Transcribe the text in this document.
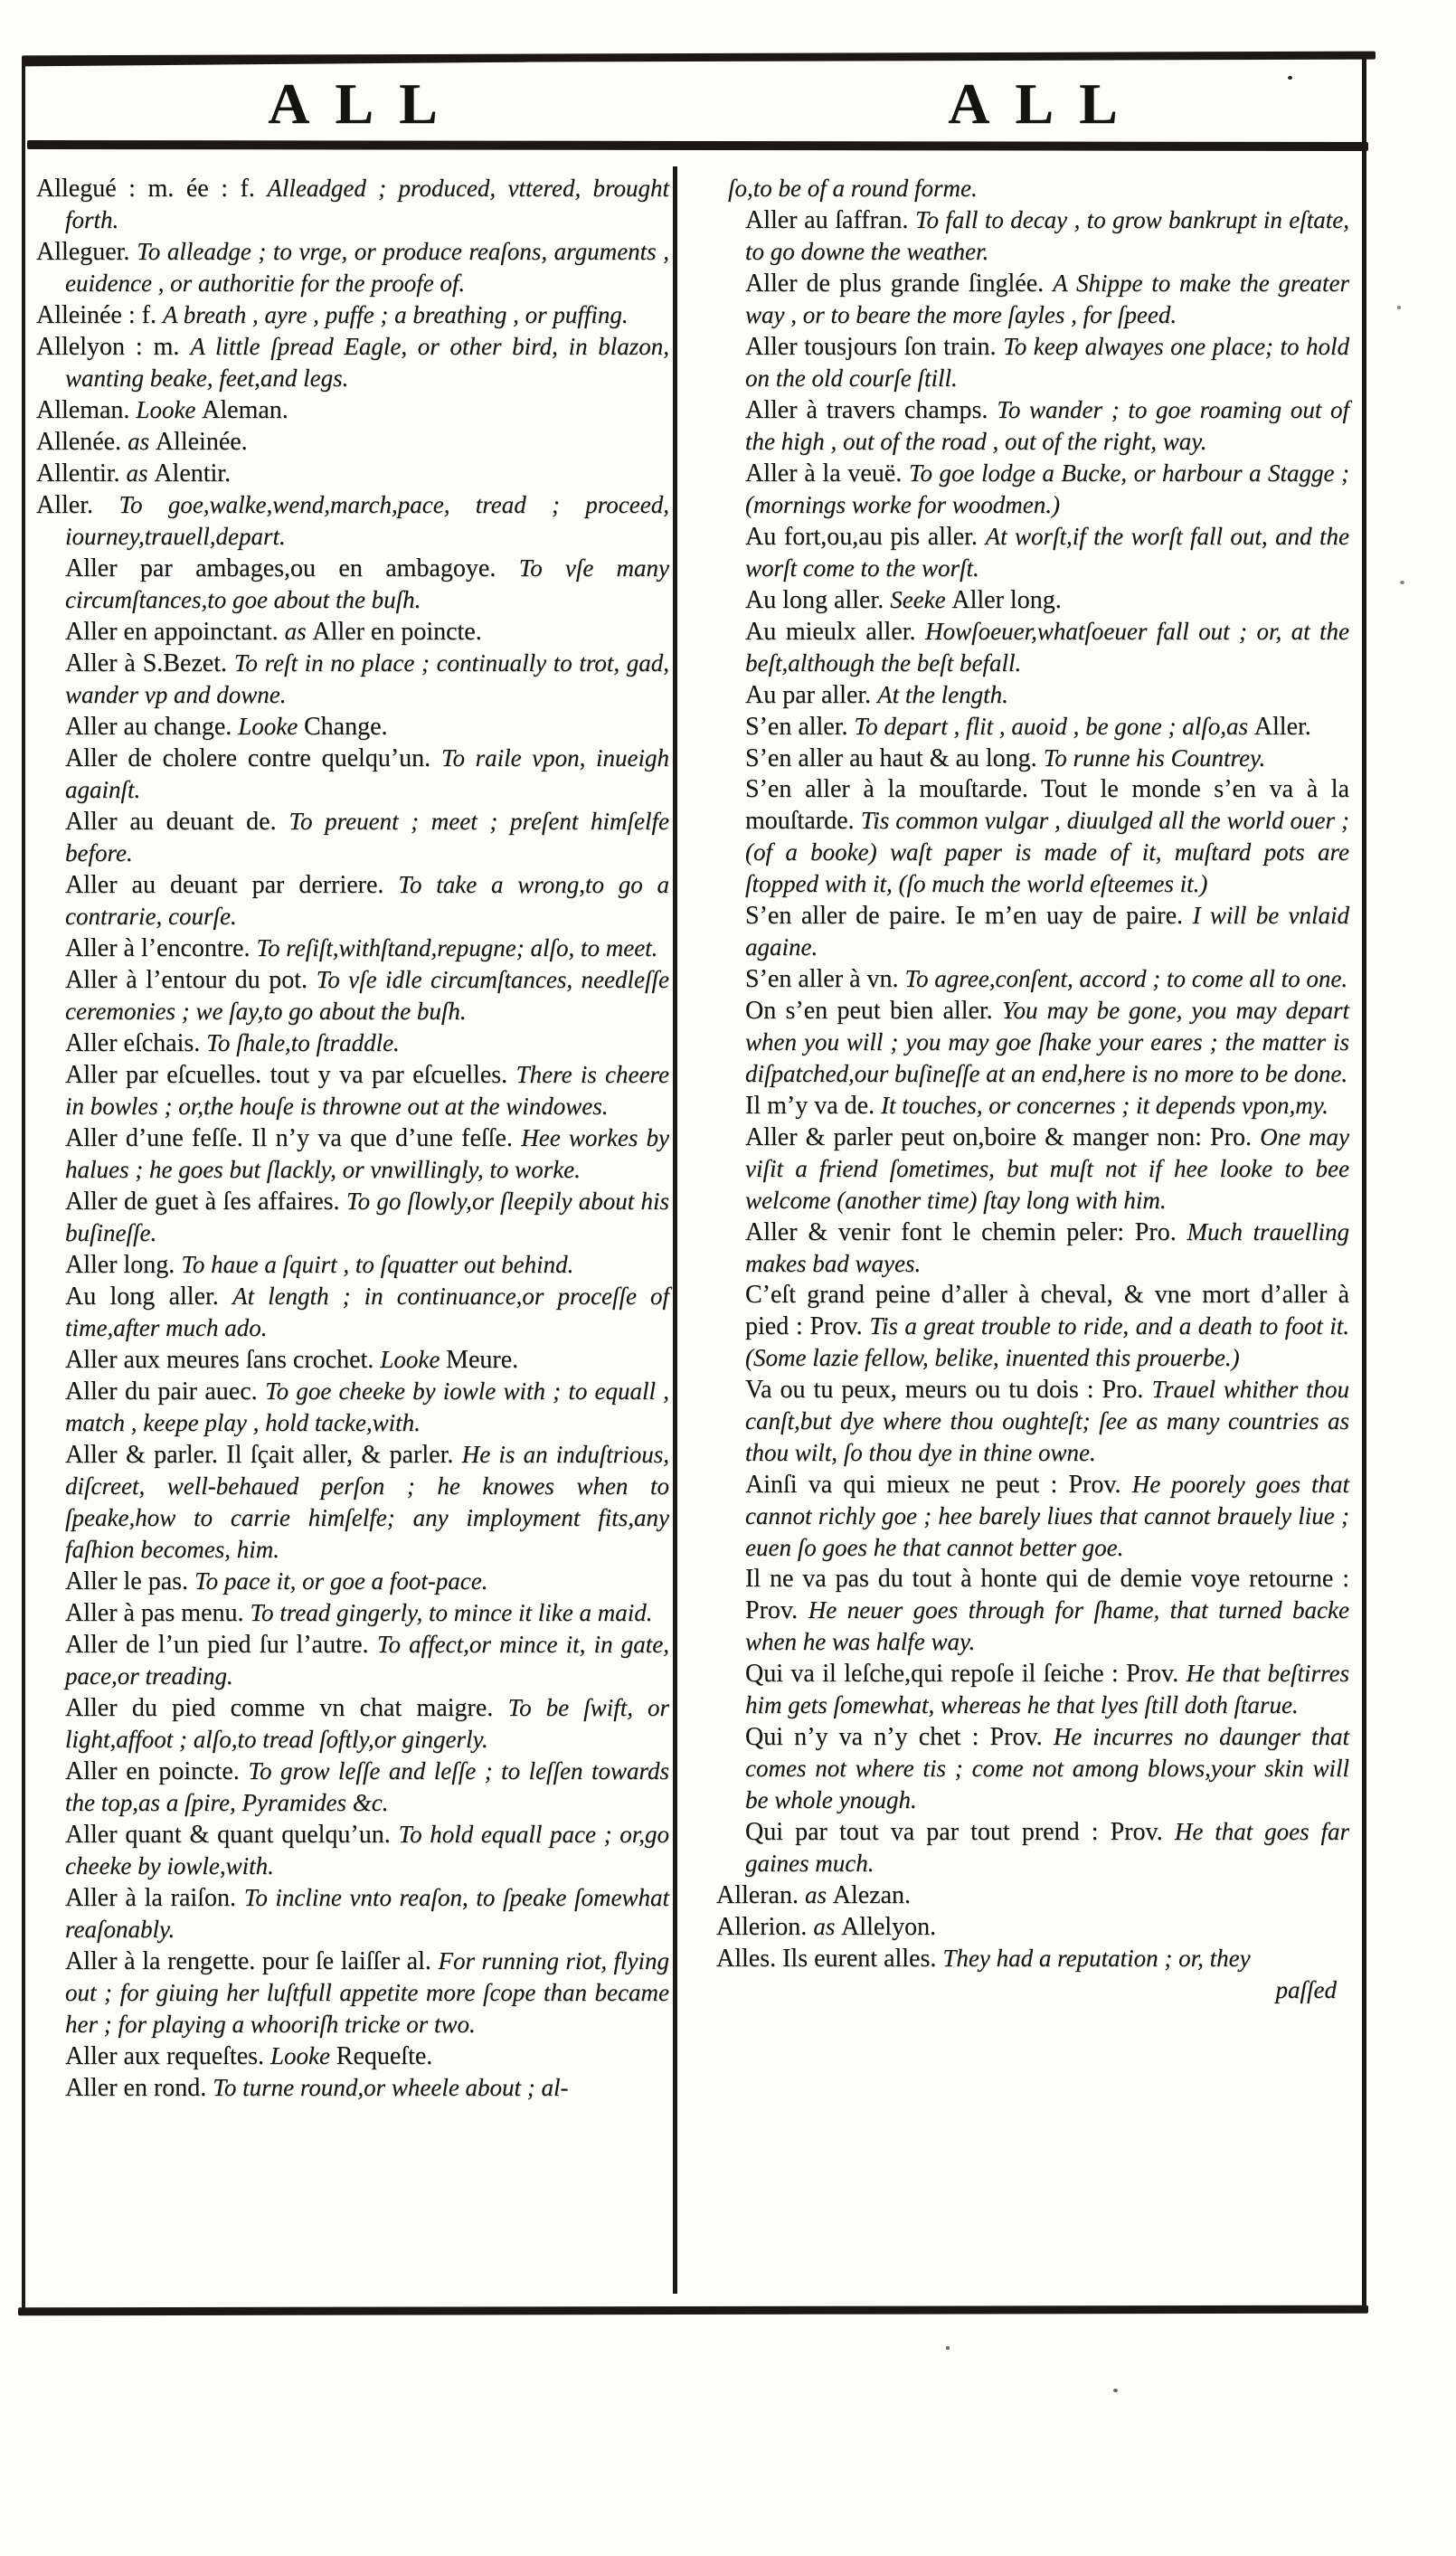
ALL	ALL

Allegué : m. ée : f. Alleadged ; produced, vttered, brought forth.

Alleguer. To alleadge ; to vrge, or produce reaſons, arguments , euidence , or authoritie for the proofe of.

Alleinée : f. A breath , ayre , puffe ; a breathing , or puffing.

Allelyon : m. A little ſpread Eagle, or other bird, in blazon, wanting beake, feet,and legs.

Alleman. Looke Aleman.

Allenée. as Alleinée.

Allentir. as Alentir.

Aller. To goe,walke,wend,march,pace, tread ; proceed, iourney,trauell,depart.

Aller par ambages,ou en ambagoye. To vſe many circumſtances,to goe about the buſh.

Aller en appoinctant. as Aller en poincte.

Aller à S.Bezet. To reſt in no place ; continually to trot, gad, wander vp and downe.

Aller au change. Looke Change.

Aller de cholere contre quelqu’un. To raile vpon, inueigh againſt.

Aller au deuant de. To preuent ; meet ; preſent himſelfe before.

Aller au deuant par derriere. To take a wrong,to go a contrarie, courſe.

Aller à l’encontre. To reſiſt,withſtand,repugne; alſo, to meet.

Aller à l’entour du pot. To vſe idle circumſtances, needleſſe ceremonies ; we ſay,to go about the buſh.

Aller eſchais. To ſhale,to ſtraddle.

Aller par eſcuelles. tout y va par eſcuelles. There is cheere in bowles ; or,the houſe is throwne out at the windowes.

Aller d’une feſſe. Il n’y va que d’une feſſe. Hee workes by halues ; he goes but ſlackly, or vnwillingly, to worke.

Aller de guet à ſes affaires. To go ſlowly,or ſleepily about his buſineſſe.

Aller long. To haue a ſquirt , to ſquatter out behind.

Au long aller. At length ; in continuance,or proceſſe of time,after much ado.

Aller aux meures ſans crochet. Looke Meure.

Aller du pair auec. To goe cheeke by iowle with ; to equall , match , keepe play , hold tacke,with.

Aller & parler. Il ſçait aller, & parler. He is an induſtrious, diſcreet, well-behaued perſon ; he knowes when to ſpeake,how to carrie himſelfe; any imployment fits,any faſhion becomes, him.

Aller le pas. To pace it, or goe a foot-pace.

Aller à pas menu. To tread gingerly, to mince it like a maid.

Aller de l’un pied ſur l’autre. To affect,or mince it, in gate, pace,or treading.

Aller du pied comme vn chat maigre. To be ſwift, or light,affoot ; alſo,to tread ſoftly,or gingerly.

Aller en poincte. To grow leſſe and leſſe ; to leſſen towards the top,as a ſpire, Pyramides &c.

Aller quant & quant quelqu’un. To hold equall pace ; or,go cheeke by iowle,with.

Aller à la raiſon. To incline vnto reaſon, to ſpeake ſomewhat reaſonably.

Aller à la rengette. pour ſe laiſſer al. For running riot, flying out ; for giuing her luſtfull appetite more ſcope than became her ; for playing a whooriſh tricke or two.

Aller aux requeſtes. Looke Requeſte.

Aller en rond. To turne round,or wheele about ; al-

ſo,to be of a round forme.

Aller au ſaffran. To fall to decay , to grow bankrupt in eſtate, to go downe the weather.

Aller de plus grande ſinglée. A Shippe to make the greater way , or to beare the more ſayles , for ſpeed.

Aller tousjours ſon train. To keep alwayes one place; to hold on the old courſe ſtill.

Aller à travers champs. To wander ; to goe roaming out of the high , out of the road , out of the right, way.

Aller à la veuë. To goe lodge a Bucke, or harbour a Stagge ; (mornings worke for woodmen.)

Au fort,ou,au pis aller. At worſt,if the worſt fall out, and the worſt come to the worſt.

Au long aller. Seeke Aller long.

Au mieulx aller. Howſoeuer,whatſoeuer fall out ; or, at the beſt,although the beſt befall.

Au par aller. At the length.

S’en aller. To depart , flit , auoid , be gone ; alſo,as Aller.

S’en aller au haut & au long. To runne his Countrey.

S’en aller à la mouſtarde. Tout le monde s’en va à la mouſtarde. Tis common vulgar , diuulged all the world ouer ; (of a booke) waſt paper is made of it, muſtard pots are ſtopped with it, (ſo much the world eſteemes it.)

S’en aller de paire. Ie m’en uay de paire. I will be vnlaid againe.

S’en aller à vn. To agree,conſent, accord ; to come all to one.

On s’en peut bien aller. You may be gone, you may depart when you will ; you may goe ſhake your eares ; the matter is diſpatched,our buſineſſe at an end,here is no more to be done.

Il m’y va de. It touches, or concernes ; it depends vpon,my.

Aller & parler peut on,boire & manger non: Pro. One may viſit a friend ſometimes, but muſt not if hee looke to bee welcome (another time) ſtay long with him.

Aller & venir font le chemin peler: Pro. Much trauelling makes bad wayes.

C’eſt grand peine d’aller à cheval, & vne mort d’aller à pied : Prov. Tis a great trouble to ride, and a death to foot it. (Some lazie fellow, belike, inuented this prouerbe.)

Va ou tu peux, meurs ou tu dois : Pro. Trauel whither thou canſt,but dye where thou oughteſt; ſee as many countries as thou wilt, ſo thou dye in thine owne.

Ainſi va qui mieux ne peut : Prov. He poorely goes that cannot richly goe ; hee barely liues that cannot brauely liue ; euen ſo goes he that cannot better goe.

Il ne va pas du tout à honte qui de demie voye retourne : Prov. He neuer goes through for ſhame, that turned backe when he was halfe way.

Qui va il leſche,qui repoſe il ſeiche : Prov. He that beſtirres him gets ſomewhat, whereas he that lyes ſtill doth ſtarue.

Qui n’y va n’y chet : Prov. He incurres no daunger that comes not where tis ; come not among blows,your skin will be whole ynough.

Qui par tout va par tout prend : Prov. He that goes far gaines much.

Alleran. as Alezan.

Allerion. as Allelyon.

Alles. Ils eurent alles. They had a reputation ; or, they

paſſed
